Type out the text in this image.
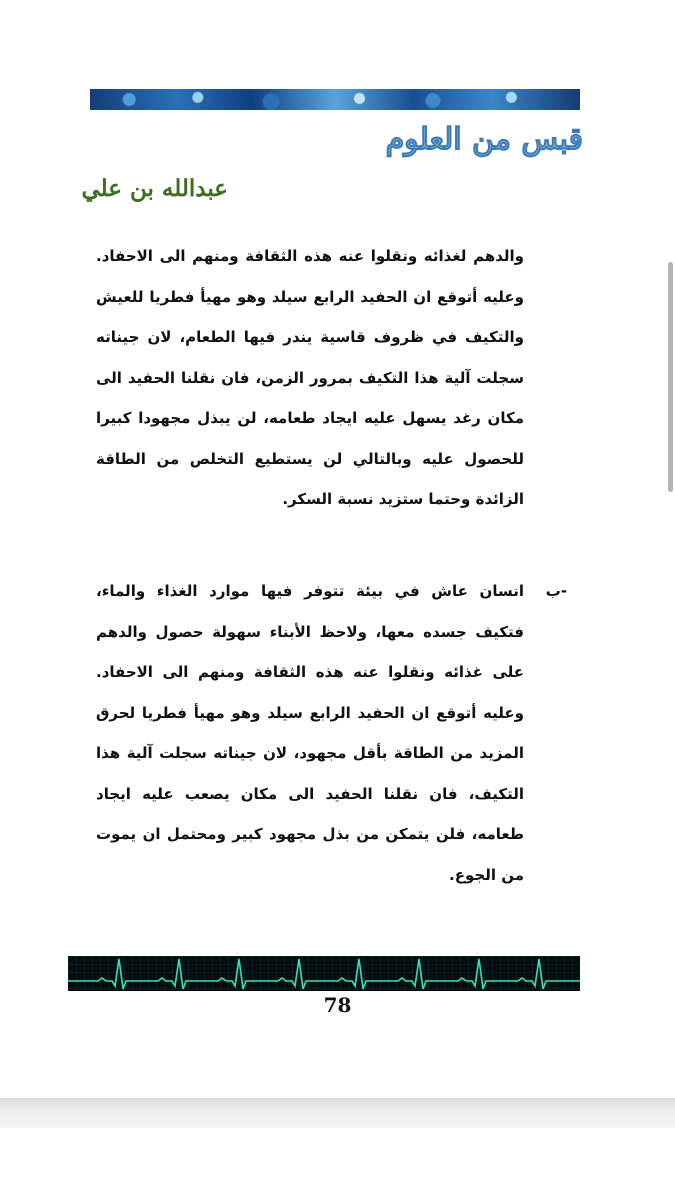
قبس من العلوم
عبدالله بن علي
والدهم لغذائه ونقلوا عنه هذه الثقافة ومنهم الى الاحفاد. وعليه أتوقع ان الحفيد الرابع سيلد وهو مهيأ فطريا للعيش والتكيف في ظروف قاسية يندر فيها الطعام، لان جيناته سجلت آلية هذا التكيف بمرور الزمن، فان نقلنا الحفيد الى مكان رغد يسهل عليه ايجاد طعامه، لن يبذل مجهودا كبيرا للحصول عليه وبالتالي لن يستطيع التخلص من الطاقة الزائدة وحتما ستزيد نسبة السكر.
ب-
انسان عاش في بيئة تتوفر فيها موارد الغذاء والماء، فتكيف جسده معها، ولاحظ الأبناء سهولة حصول والدهم على غذائه ونقلوا عنه هذه الثقافة ومنهم الى الاحفاد. وعليه أتوقع ان الحفيد الرابع سيلد وهو مهيأ فطريا لحرق المزيد من الطاقة بأقل مجهود، لان جيناته سجلت آلية هذا التكيف، فان نقلنا الحفيد الى مكان يصعب عليه ايجاد طعامه، فلن يتمكن من بذل مجهود كبير ومحتمل ان يموت من الجوع.
78
